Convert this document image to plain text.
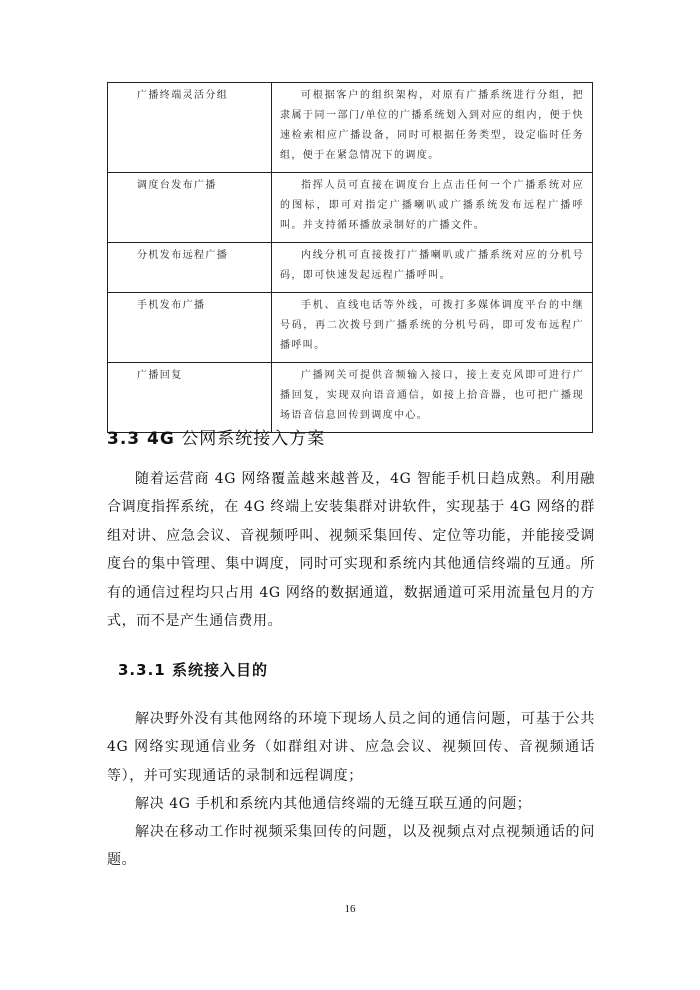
广播终端灵活分组	可根据客户的组织架构，对原有广播系统进行分组，把隶属于同一部门/单位的广播系统划入到对应的组内，便于快速检索相应广播设备，同时可根据任务类型，设定临时任务组，便于在紧急情况下的调度。
调度台发布广播	指挥人员可直接在调度台上点击任何一个广播系统对应的图标，即可对指定广播喇叭或广播系统发布远程广播呼叫。并支持循环播放录制好的广播文件。
分机发布远程广播	内线分机可直接拨打广播喇叭或广播系统对应的分机号码，即可快速发起远程广播呼叫。
手机发布广播	手机、直线电话等外线，可拨打多媒体调度平台的中继号码，再二次拨号到广播系统的分机号码，即可发布远程广播呼叫。
广播回复	广播网关可提供音频输入接口，接上麦克风即可进行广播回复，实现双向语音通信，如接上拾音器，也可把广播现场语音信息回传到调度中心。
3.3 4G 公网系统接入方案

随着运营商 4G 网络覆盖越来越普及，4G 智能手机日趋成熟。利用融合调度指挥系统，在 4G 终端上安装集群对讲软件，实现基于 4G 网络的群组对讲、应急会议、音视频呼叫、视频采集回传、定位等功能，并能接受调度台的集中管理、集中调度，同时可实现和系统内其他通信终端的互通。所有的通信过程均只占用 4G 网络的数据通道，数据通道可采用流量包月的方式，而不是产生通信费用。

3.3.1 系统接入目的

解决野外没有其他网络的环境下现场人员之间的通信问题，可基于公共 4G 网络实现通信业务（如群组对讲、应急会议、视频回传、音视频通话等），并可实现通话的录制和远程调度；

解决 4G 手机和系统内其他通信终端的无缝互联互通的问题；

解决在移动工作时视频采集回传的问题，以及视频点对点视频通话的问题。

16
